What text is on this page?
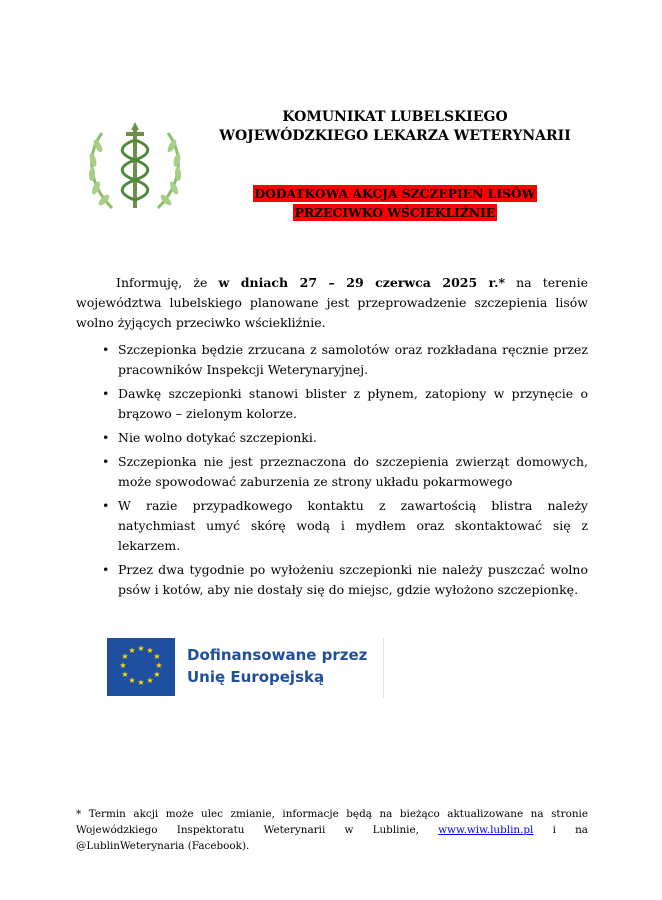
KOMUNIKAT LUBELSKIEGO
WOJEWÓDZKIEGO LEKARZA WETERYNARII
DODATKOWA AKCJA SZCZEPIEŃ LISÓW
PRZECIWKO WŚCIEKLIŹNIE
Informuję, że w dniach 27 – 29 czerwca 2025 r.* na terenie województwa lubelskiego planowane jest przeprowadzenie szczepienia lisów wolno żyjących przeciwko wściekliźnie.
• Szczepionka będzie zrzucana z samolotów oraz rozkładana ręcznie przez pracowników Inspekcji Weterynaryjnej.
• Dawkę szczepionki stanowi blister z płynem, zatopiony w przynęcie o brązowo – zielonym kolorze.
• Nie wolno dotykać szczepionki.
• Szczepionka nie jest przeznaczona do szczepienia zwierząt domowych, może spowodować zaburzenia ze strony układu pokarmowego
• W razie przypadkowego kontaktu z zawartością blistra należy natychmiast umyć skórę wodą i mydłem oraz skontaktować się z lekarzem.
• Przez dwa tygodnie po wyłożeniu szczepionki nie należy puszczać wolno psów i kotów, aby nie dostały się do miejsc, gdzie wyłożono szczepionkę.
★ ★
★
★
★
★
★
★
★
★
★
★	Dofinansowane przez
Unię Europejską
* Termin akcji może ulec zmianie, informacje będą na bieżąco aktualizowane na stronie Wojewódzkiego Inspektoratu Weterynarii w Lublinie, www.wiw.lublin.pl i na @LublinWeterynaria (Facebook).
